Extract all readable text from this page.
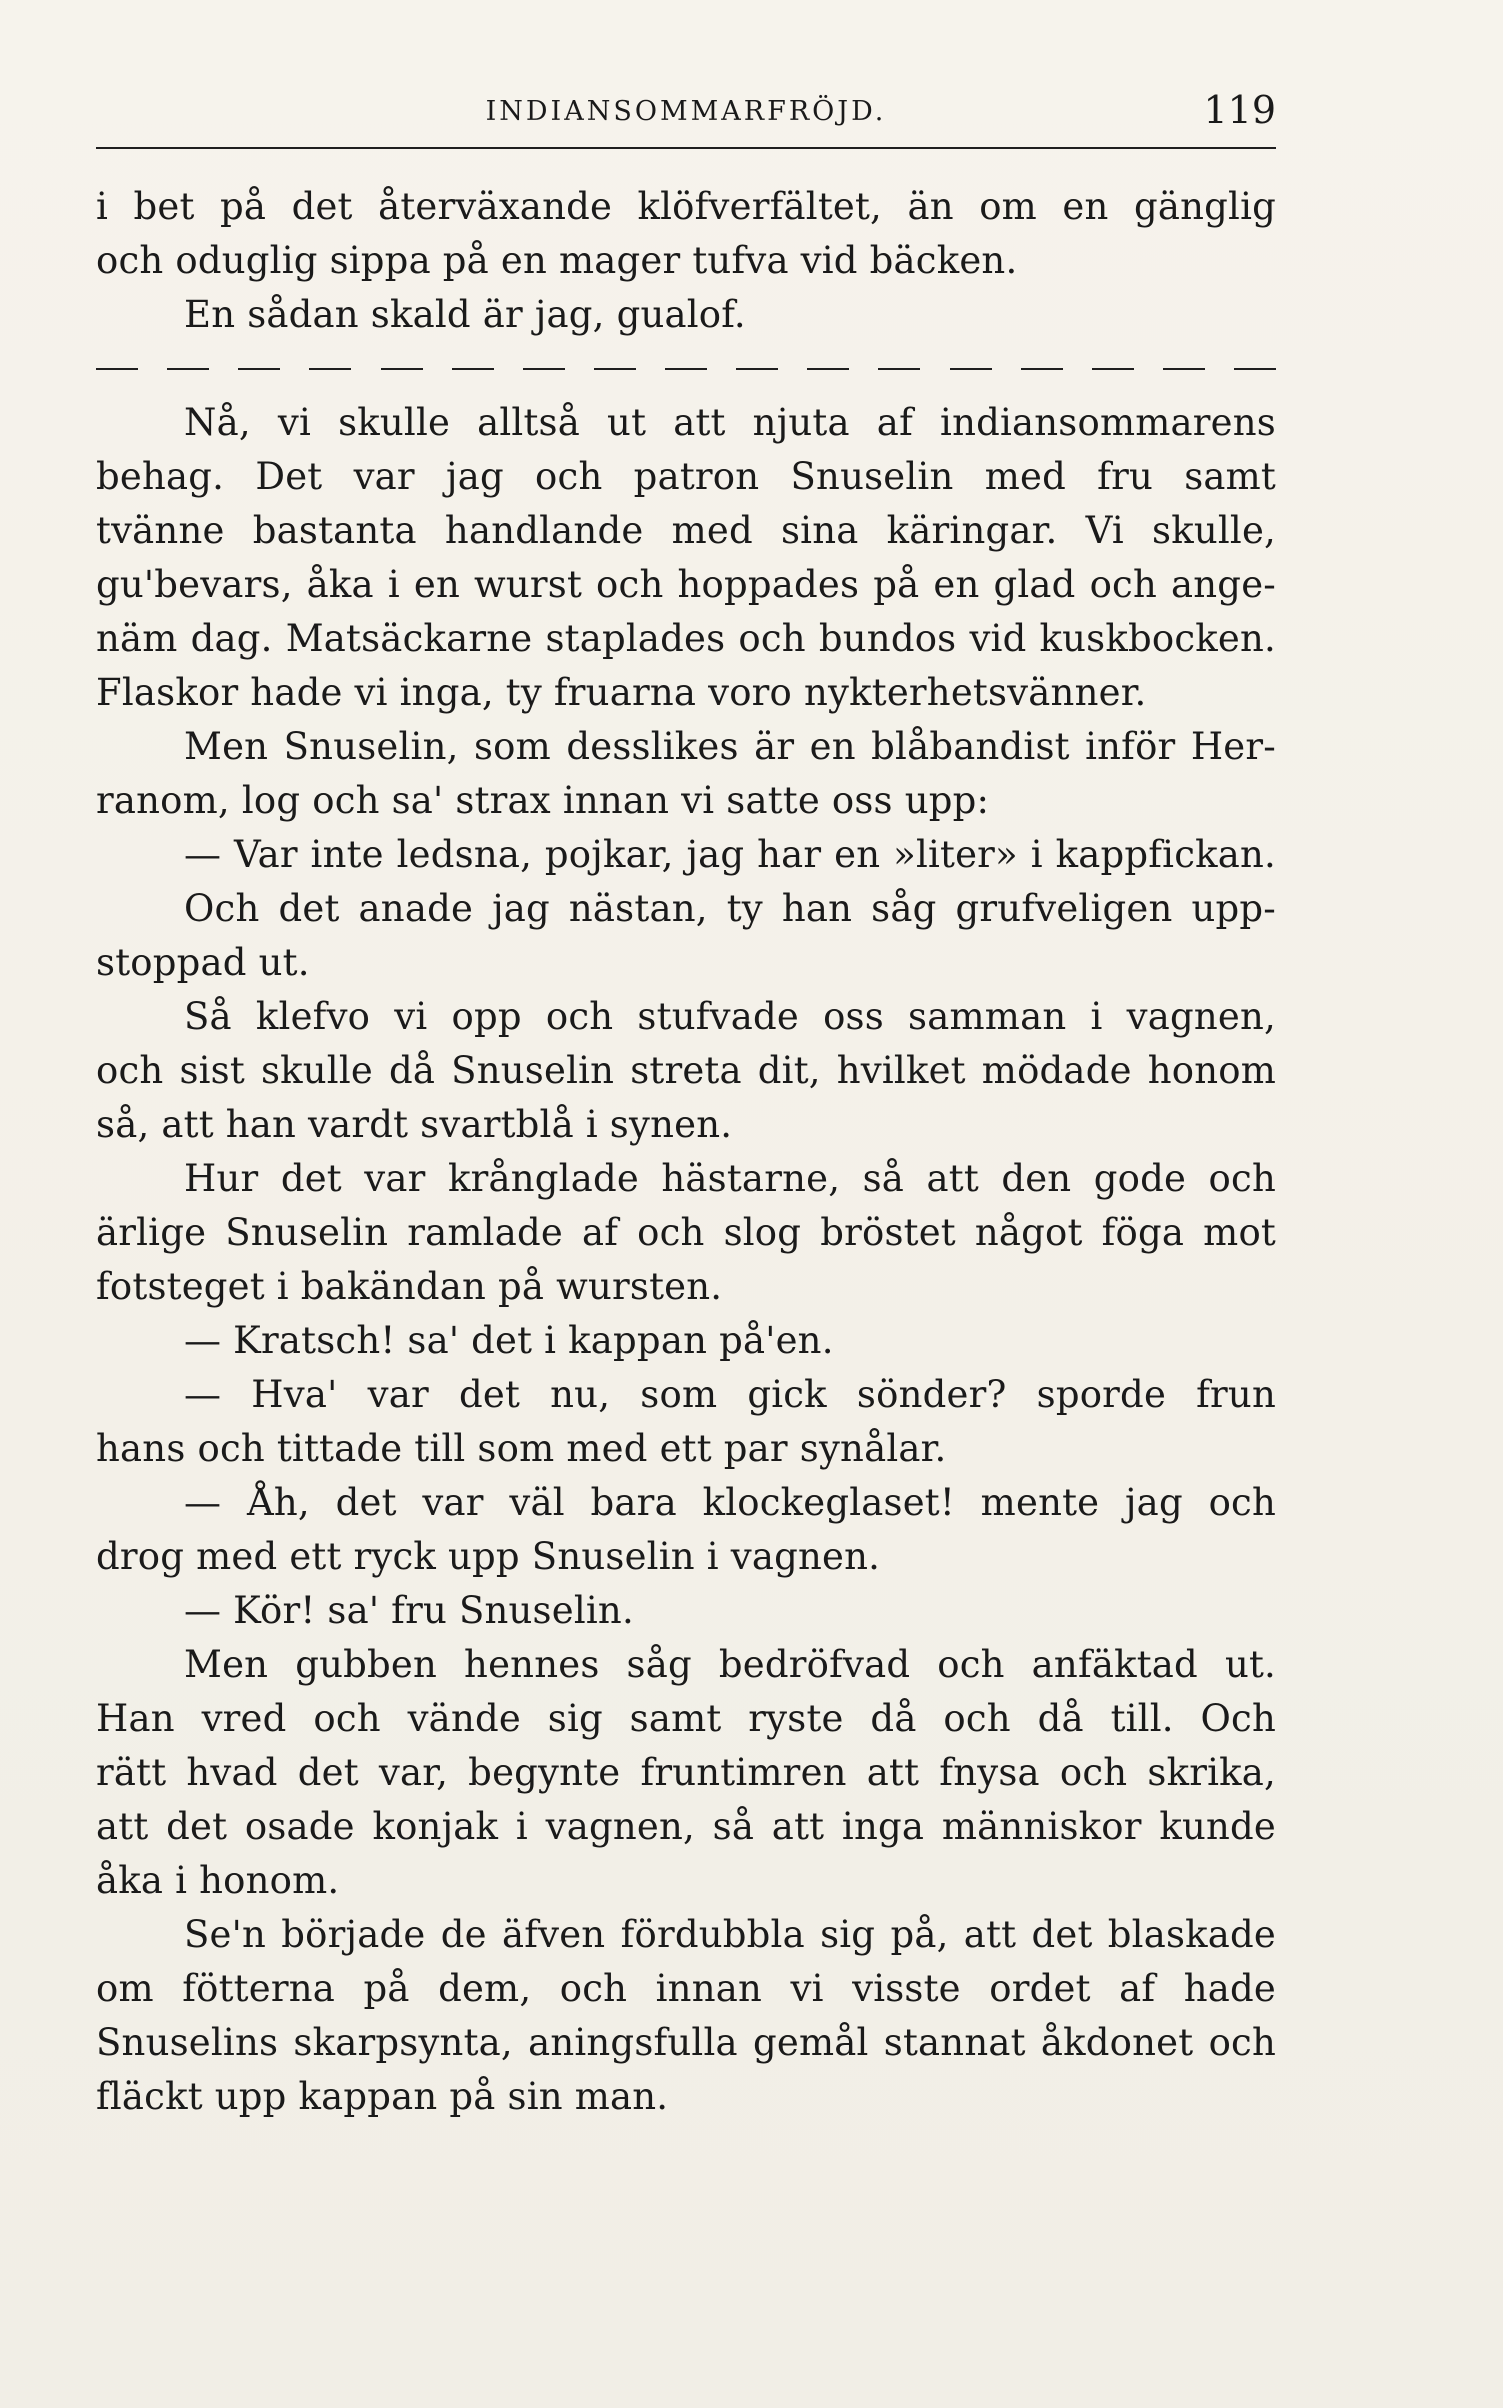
INDIANSOMMARFRÖJD.	119
i bet på det återväxande klöfverfältet, än om en gänglig
och oduglig sippa på en mager tufva vid bäcken.
En sådan skald är jag, gualof.
Nå, vi skulle alltså ut att njuta af indiansommarens
behag. Det var jag och patron Snuselin med fru samt
tvänne bastanta handlande med sina käringar. Vi skulle,
gu'bevars, åka i en wurst och hoppades på en glad och ange-
näm dag. Matsäckarne staplades och bundos vid kuskbocken.
Flaskor hade vi inga, ty fruarna voro nykterhetsvänner.
Men Snuselin, som desslikes är en blåbandist inför Her-
ranom, log och sa' strax innan vi satte oss upp:
— Var inte ledsna, pojkar, jag har en »liter» i kappfickan.
Och det anade jag nästan, ty han såg grufveligen upp-
stoppad ut.
Så klefvo vi opp och stufvade oss samman i vagnen,
och sist skulle då Snuselin streta dit, hvilket mödade honom
så, att han vardt svartblå i synen.
Hur det var krånglade hästarne, så att den gode och
ärlige Snuselin ramlade af och slog bröstet något föga mot
fotsteget i bakändan på wursten.
— Kratsch! sa' det i kappan på'en.
— Hva' var det nu, som gick sönder? sporde frun
hans och tittade till som med ett par synålar.
— Åh, det var väl bara klockeglaset! mente jag och
drog med ett ryck upp Snuselin i vagnen.
— Kör! sa' fru Snuselin.
Men gubben hennes såg bedröfvad och anfäktad ut.
Han vred och vände sig samt ryste då och då till. Och
rätt hvad det var, begynte fruntimren att fnysa och skrika,
att det osade konjak i vagnen, så att inga människor kunde
åka i honom.
Se'n började de äfven fördubbla sig på, att det blaskade
om fötterna på dem, och innan vi visste ordet af hade
Snuselins skarpsynta, aningsfulla gemål stannat åkdonet och
fläckt upp kappan på sin man.
